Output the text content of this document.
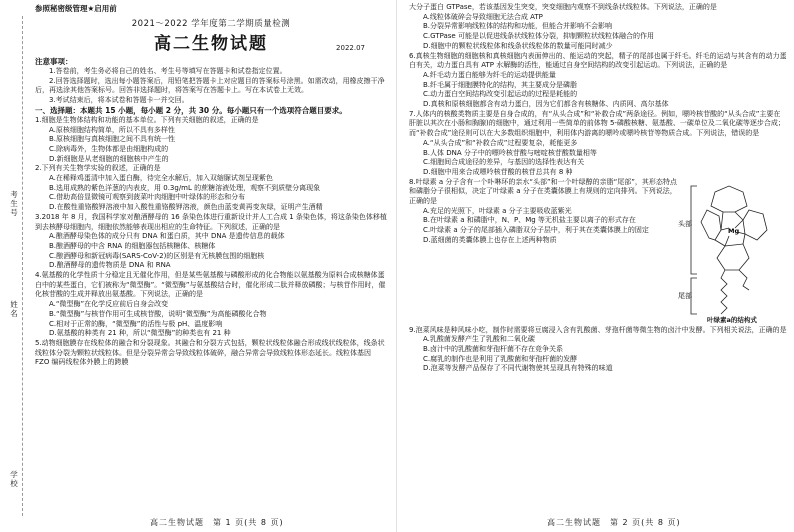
考生号
姓名
学校
参照秘密级管理★启用前
2021～2022 学年度第二学期质量检测
高二生物试题	2022.07

注意事项：

1.答卷前，考生务必将自己的姓名、考生号等填写在答题卡和试卷指定位置。

2.回答选择题时，选出每小题答案后，用铅笔把答题卡上对应题目的答案标号涂黑。如需改动，用橡皮擦干净后，再选涂其他答案标号。回答非选择题时，将答案写在答题卡上。写在本试卷上无效。

3.考试结束后，将本试卷和答题卡一并交回。

一、选择题：本题共 15 小题，每小题 2 分，共 30 分。每小题只有一个选项符合题目要求。

1.细胞是生物体结构和功能的基本单位。下列有关细胞的叙述，正确的是

A.原核细胞结构简单，所以不具有多样性

B.原核细胞与真核细胞之间不具有统一性

C.除病毒外，生物体都是由细胞构成的

D.新细胞是从老细胞的细胞核中产生的

2.下列有关生物学实验的叙述，正确的是

A.在稀释鸡蛋清中加入蛋白酶，待完全水解后，加入双缩脲试剂呈现紫色

B.选用成熟的紫色洋葱的内表皮，用 0.3g/mL 的蔗糖溶液处理，观察不到质壁分离现象

C.借助高倍显微镜可观察到菠菜叶肉细胞中叶绿体的形态和分布

D.在酸性重铬酸钾溶液中加入酸性重铬酸钾溶液，颜色由蓝变黄再变灰绿，证明产生酒精

3.2018 年 8 月，我国科学家对酿酒酵母的 16 条染色体进行重新设计并人工合成 1 条染色体，将这条染色体移植到去核酵母细胞内，细胞依然能够表现出相应的生命特征。下列叙述，正确的是

A.酿酒酵母染色体的成分只有 DNA 和蛋白质，其中 DNA 是遗传信息的载体

B.酿酒酵母的中含 RNA 的细胞器包括核糖体、核糖体

C.酿酒酵母和新冠病毒(SARS-CoV-2)的区别是有无核膜包围的细胞核

D.酿酒酵母的遗传物质是 DNA 和 RNA

4.氨基酸的化学性质十分稳定且无催化作用，但是某些氨基酸与磷酸形成的化合物能以氨基酸为原料合成核糖体蛋白中的某些蛋白，它们被称为“微型酶”。“微型酶”与氨基酸结合时，催化形成二肽并释放磷酸；与核苷作用时，催化核苷酸的生成并释放出氨基酸。下列说法，正确的是

A.“微型酶”在化学反应前后自身会改变

B.“微型酶”与核苷作用可生成核苷酸，说明“微型酶”为高能磷酸化合物

C.相对于正常的酶，“微型酶”的活性与极 pH、温度影响

D.氨基酸的种类有 21 种，所以“微型酶”的种类也有 21 种

5.动物细胞膜存在线粒体的融合和分裂现象。其融合和分裂方式包括，颗粒状线粒体融合形成线状线粒体，线条状线粒体分裂为颗粒状线粒体。但是分裂异常会导致线粒体破碎，融合异常会导致线粒体形态延长。线粒体基因 FZO 编码线粒体外膜上的跨膜

高二生物试题　第 1 页(共 8 页)

大分子蛋白 GTPase，若该基因发生突变，突变细胞内观察不到线条状线粒体。下列说法，正确的是

A.线粒体破碎会导致细胞无法合成 ATP

B.分裂异常影响线粒体的结构和功能，但能合并影响不会影响

C.GTPase 可能是以促进线条状线粒体分裂，抑制颗粒状线粒体融合的作用

D.细胞中的颗粒状线粒体和线条状线粒体的数量可能同时减少

6.真核生物细胞的细胞核和真核细胞内表面伸出的、能运动的突起，精子的尾部也属于纤毛。纤毛的运动与其含有的动力蛋白有关，动力蛋白具有 ATP 水解酶的活性，能通过自身空间结构的改变引起运动。下列说法，正确的是

A.纤毛动力蛋白能够为纤毛的运动提供能量

B.纤毛属于细胞膜特化的结构，其主要成分是磷脂

C.动力蛋白空间结构改变引起运动的过程是耗能的

D.真核和原核细胞都含有动力蛋白，因为它们都含有核糖体、内质网、高尔基体

7.人体内的核酸类物质主要是自身合成的，有“从头合成”和“补救合成”两条途径。例如，嘌呤核苷酸的“从头合成”主要在肝脏以其次在小肠和胸腺)的细胞中，通过利用一些简单的前体物 5-磷酸核糖、氨基酸、一碳单位及二氧化碳等逐步合成；而“补救合成”途径则可以在大多数组织细胞中，利用体内游离的嘌呤或嘌呤核苷等物质合成。下列说法，错误的是

A.“从头合成”和“补救合成”过程要复杂，耗能更多

B.人体 DNA 分子中的嘌呤核苷酸与嘧啶核苷酸数量相等

C.细胞间合成途径的差异，与基因的选择性表达有关

D.细胞中用来合成嘌呤核苷酸的核苷总共有 8 种

8.叶绿素 a 分子含有一个卟啉环的亲水“头部”和一个叶绿醇的亲脂“尾部”，其形态特点和磷脂分子很相似，决定了叶绿素 a 分子在类囊体膜上有规则的定向排列。下列说法，正确的是

A.充足的光照下，叶绿素 a 分子主要吸收蓝紫光

B.在叶绿素 a 和磷脂中，N、P、Mg 等无机盐主要以离子的形式存在

C.叶绿素 a 分子的尾部插入磷脂双分子层中，利于其在类囊体膜上的固定

D.蓝细菌的类囊体膜上也存在上述两种物质

头部
尾部
Mg
叶绿素a的结构式

9.泡菜风味是种风味小吃，制作时需要将豆腐浸入含有乳酸菌、芽孢杆菌等微生物的卤汁中发酵。下列相关说法，正确的是

A.乳酸菌发酵产生了乳酸和二氧化碳

B.卤汁中的乳酸菌和芽孢杆菌不存在竞争关系

C.腐乳的制作也是利用了乳酸菌和芽孢杆菌的发酵

D.泡菜等发酵产品保存了不同代谢物使其呈现具有特殊的味道

高二生物试题　第 2 页(共 8 页)
